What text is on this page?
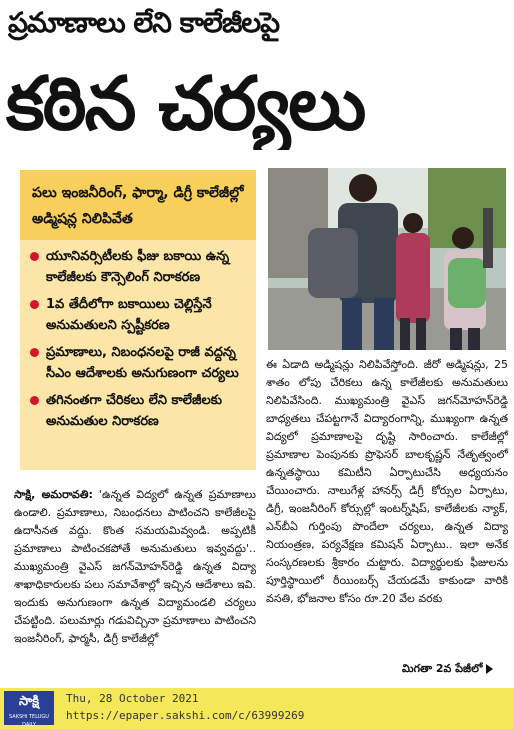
ప్రమాణాలు లేని కాలేజీలపై
కఠిన చర్యలు
పలు ఇంజనీరింగ్, ఫార్మా, డిగ్రీ కాలేజీల్లో అడ్మిషన్ల నిలిపివేత
యూనివర్సిటీలకు ఫీజు బకాయి ఉన్న కాలేజీలకు కౌన్సెలింగ్ నిరాకరణ
1వ తేదీలోగా బకాయిలు చెల్లిస్తేనే అనుమతులని స్పష్టీకరణ
ప్రమాణాలు, నిబంధనలపై రాజీ వద్దన్న సీఎం ఆదేశాలకు అనుగుణంగా చర్యలు
తగినంతగా చేరికలు లేని కాలేజీలకు అనుమతుల నిరాకరణ

ఈ ఏడాది అడ్మిషన్లు నిలిపివేస్తోంది. జీరో అడ్మిషన్లు, 25 శాతం లోపు చేరికలు ఉన్న కాలేజీలకు అనుమతులు నిలిపివేసింది. ముఖ్యమంత్రి వైఎస్ జగన్‌మోహన్‌రెడ్డి బాధ్యతలు చేపట్టగానే విద్యారంగాన్ని, ముఖ్యంగా ఉన్నత విద్యలో ప్రమాణాలపై దృష్టి సారించారు. కాలేజీల్లో ప్రమాణాల పెంపునకు ప్రొఫెసర్ బాలకృష్ణన్ నేతృత్వంలో ఉన్నతస్థాయి కమిటీని ఏర్పాటుచేసి అధ్యయనం చేయించారు. నాలుగేళ్ల హానర్స్ డిగ్రీ కోర్సుల ఏర్పాటు, డిగ్రీ, ఇంజనీరింగ్ కోర్సుల్లో ఇంటర్న్‌షిప్, కాలేజీలకు న్యాక్, ఎన్‌బీఏ గుర్తింపు పొందేలా చర్యలు, ఉన్నత విద్యా నియంత్రణ, పర్యవేక్షణ కమిషన్ ఏర్పాటు.. ఇలా అనేక సంస్కరణలకు శ్రీకారం చుట్టారు. విద్యార్థులకు ఫీజులను పూర్తిస్థాయిలో రీయింబర్స్ చేయడమే కాకుండా వారికి వసతి, భోజనాల కోసం రూ.20 వేల వరకు

సాక్షి, అమరావతి: 'ఉన్నత విద్యలో ఉన్నత ప్రమాణాలు ఉండాలి. ప్రమాణాలు, నిబంధనలు పాటించని కాలేజీలపై ఉదాసీనత వద్దు. కొంత సమయమివ్వండి. అప్పటికీ ప్రమాణాలు పాటించకపోతే అనుమతులు ఇవ్వవద్దు'.. ముఖ్యమంత్రి వైఎస్ జగన్‌మోహన్‌రెడ్డి ఉన్నత విద్యా శాఖాధికారులకు పలు సమావేశాల్లో ఇచ్చిన ఆదేశాలు ఇవి. ఇందుకు అనుగుణంగా ఉన్నత విద్యామండలి చర్యలు చేపట్టింది. పలుమార్లు గడువిచ్చినా ప్రమాణాలు పాటించని ఇంజనీరింగ్, ఫార్మసీ, డిగ్రీ కాలేజీల్లో

మిగతా 2వ పేజీలో
సాక్షి
SAKSHI TELUGU DAILY
Thu, 28 October 2021
https://epaper.sakshi.com/c/63999269
